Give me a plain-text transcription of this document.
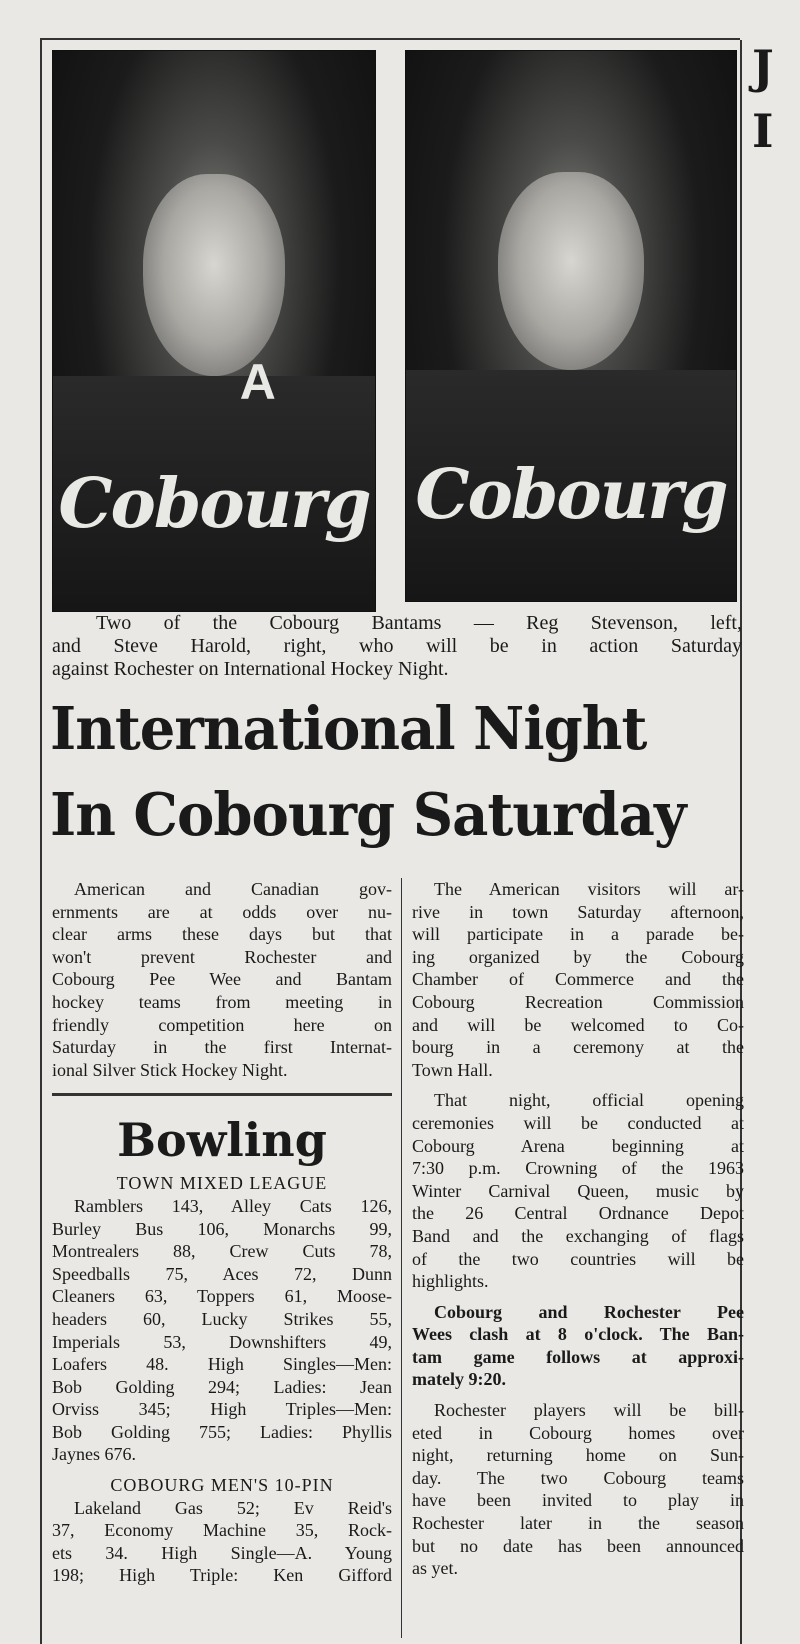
J
I
A
Cobourg Cobourg
Two of the Cobourg Bantams — Reg Stevenson, left,
and Steve Harold, right, who will be in action Saturday
against Rochester on International Hockey Night.
International Night
In Cobourg Saturday
American and Canadian gov-
ernments are at odds over nu-
clear arms these days but that
won't prevent Rochester and
Cobourg Pee Wee and Bantam
hockey teams from meeting in
friendly competition here on
Saturday in the first Internat-
ional Silver Stick Hockey Night.
Bowling
TOWN MIXED LEAGUE
Ramblers 143, Alley Cats 126,
Burley Bus 106, Monarchs 99,
Montrealers 88, Crew Cuts 78,
Speedballs 75, Aces 72, Dunn
Cleaners 63, Toppers 61, Moose-
headers 60, Lucky Strikes 55,
Imperials 53, Downshifters 49,
Loafers 48. High Singles—Men:
Bob Golding 294; Ladies: Jean
Orviss 345; High Triples—Men:
Bob Golding 755; Ladies: Phyllis
Jaynes 676.
COBOURG MEN'S 10-PIN
Lakeland Gas 52; Ev Reid's
37, Economy Machine 35, Rock-
ets 34. High Single—A. Young
198; High Triple: Ken Gifford
The American visitors will ar-
rive in town Saturday afternoon,
will participate in a parade be-
ing organized by the Cobourg
Chamber of Commerce and the
Cobourg Recreation Commission
and will be welcomed to Co-
bourg in a ceremony at the
Town Hall.
That night, official opening
ceremonies will be conducted at
Cobourg Arena beginning at
7:30 p.m. Crowning of the 1963
Winter Carnival Queen, music by
the 26 Central Ordnance Depot
Band and the exchanging of flags
of the two countries will be
highlights.
Cobourg and Rochester Pee
Wees clash at 8 o'clock. The Ban-
tam game follows at approxi-
mately 9:20.
Rochester players will be bill-
eted in Cobourg homes over
night, returning home on Sun-
day. The two Cobourg teams
have been invited to play in
Rochester later in the season
but no date has been announced
as yet.
